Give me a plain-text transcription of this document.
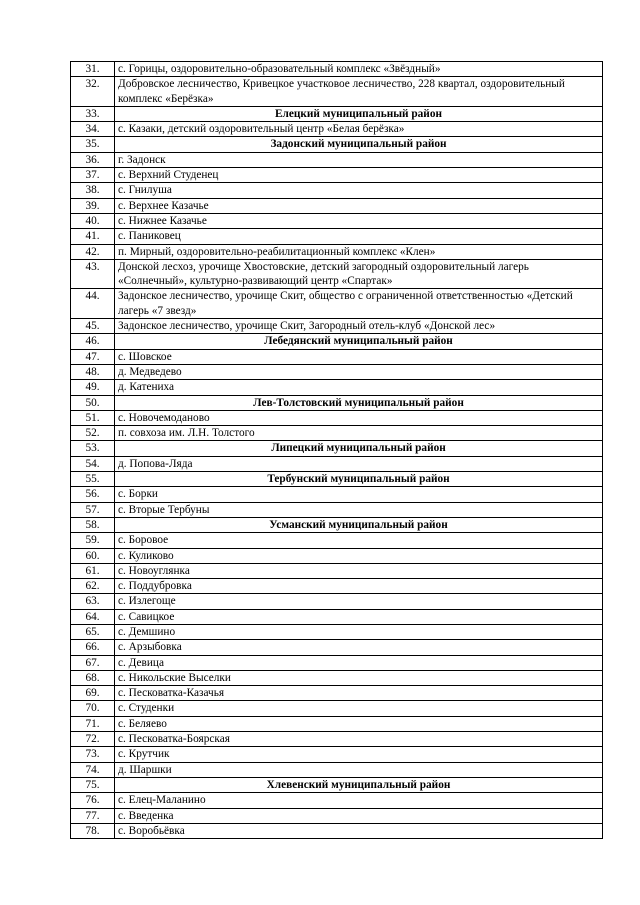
31.	с. Горицы, оздоровительно-образовательный комплекс «Звёздный»
32.	Добровское лесничество, Кривецкое участковое лесничество, 228 квартал, оздоровительный комплекс «Берёзка»
33.	Елецкий муниципальный район
34.	с. Казаки, детский оздоровительный центр «Белая берёзка»
35.	Задонский муниципальный район
36.	г. Задонск
37.	с. Верхний Студенец
38.	с. Гнилуша
39.	с. Верхнее Казачье
40.	с. Нижнее Казачье
41.	с. Паниковец
42.	п. Мирный, оздоровительно-реабилитационный комплекс «Клен»
43.	Донской лесхоз, урочище Хвостовские, детский загородный оздоровительный лагерь «Солнечный», культурно-развивающий центр «Спартак»
44.	Задонское лесничество, урочище Скит, общество с ограниченной ответственностью «Детский лагерь «7 звезд»
45.	Задонское лесничество, урочище Скит, Загородный отель-клуб «Донской лес»
46.	Лебедянский муниципальный район
47.	с. Шовское
48.	д. Медведево
49.	д. Катениха
50.	Лев-Толстовский муниципальный район
51.	с. Новочемоданово
52.	п. совхоза им. Л.Н. Толстого
53.	Липецкий муниципальный район
54.	д. Попова-Ляда
55.	Тербунский муниципальный район
56.	с. Борки
57.	с. Вторые Тербуны
58.	Усманский муниципальный район
59.	с. Боровое
60.	с. Куликово
61.	с. Новоуглянка
62.	с. Поддубровка
63.	с. Излегоще
64.	с. Савицкое
65.	с. Демшино
66.	с. Арзыбовка
67.	с. Девица
68.	с. Никольские Выселки
69.	с. Песковатка-Казачья
70.	с. Студенки
71.	с. Беляево
72.	с. Песковатка-Боярская
73.	с. Крутчик
74.	д. Шаршки
75.	Хлевенский муниципальный район
76.	с. Елец-Маланино
77.	с. Введенка
78.	с. Воробьёвка
